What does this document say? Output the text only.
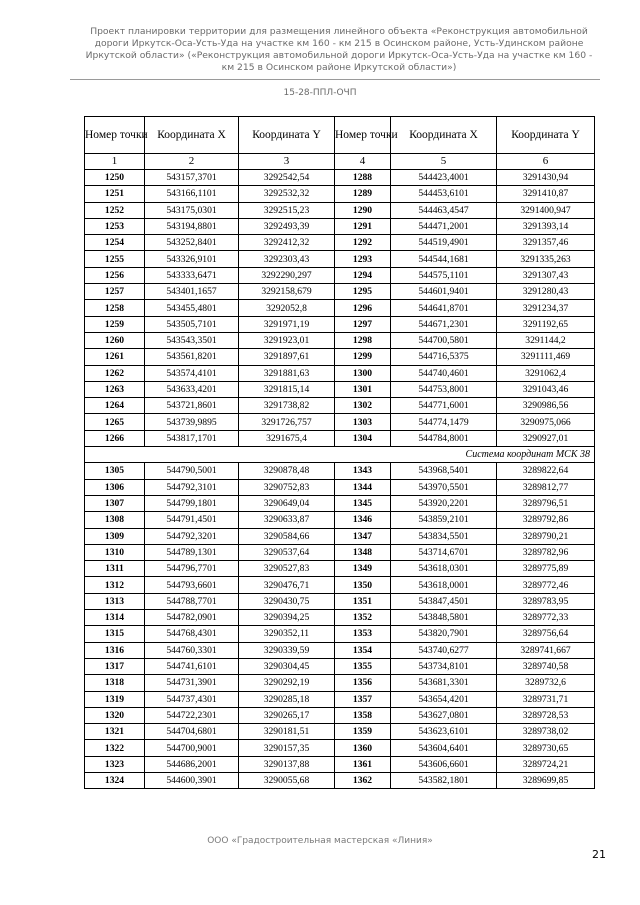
Проект планировки территории для размещения линейного объекта «Реконструкция автомобильной дороги Иркутск-Оса-Усть-Уда на участке км 160 - км 215 в Осинском районе, Усть-Удинском районе Иркутской области» («Реконструкция автомобильной дороги Иркутск-Оса-Усть-Уда на участке км 160 - км 215 в Осинском районе Иркутской области»)
15-28-ППЛ-ОЧП
Номер точки	Координата X	Координата Y	Номер точки	Координата X	Координата Y
1	2	3	4	5	6
1250	543157,3701	3292542,54	1288	544423,4001	3291430,94
1251	543166,1101	3292532,32	1289	544453,6101	3291410,87
1252	543175,0301	3292515,23	1290	544463,4547	3291400,947
1253	543194,8801	3292493,39	1291	544471,2001	3291393,14
1254	543252,8401	3292412,32	1292	544519,4901	3291357,46
1255	543326,9101	3292303,43	1293	544544,1681	3291335,263
1256	543333,6471	3292290,297	1294	544575,1101	3291307,43
1257	543401,1657	3292158,679	1295	544601,9401	3291280,43
1258	543455,4801	3292052,8	1296	544641,8701	3291234,37
1259	543505,7101	3291971,19	1297	544671,2301	3291192,65
1260	543543,3501	3291923,01	1298	544700,5801	3291144,2
1261	543561,8201	3291897,61	1299	544716,5375	3291111,469
1262	543574,4101	3291881,63	1300	544740,4601	3291062,4
1263	543633,4201	3291815,14	1301	544753,8001	3291043,46
1264	543721,8601	3291738,82	1302	544771,6001	3290986,56
1265	543739,9895	3291726,757	1303	544774,1479	3290975,066
1266	543817,1701	3291675,4	1304	544784,8001	3290927,01
Система координат МСК 38					
1305	544790,5001	3290878,48	1343	543968,5401	3289822,64
1306	544792,3101	3290752,83	1344	543970,5501	3289812,77
1307	544799,1801	3290649,04	1345	543920,2201	3289796,51
1308	544791,4501	3290633,87	1346	543859,2101	3289792,86
1309	544792,3201	3290584,66	1347	543834,5501	3289790,21
1310	544789,1301	3290537,64	1348	543714,6701	3289782,96
1311	544796,7701	3290527,83	1349	543618,0301	3289775,89
1312	544793,6601	3290476,71	1350	543618,0001	3289772,46
1313	544788,7701	3290430,75	1351	543847,4501	3289783,95
1314	544782,0901	3290394,25	1352	543848,5801	3289772,33
1315	544768,4301	3290352,11	1353	543820,7901	3289756,64
1316	544760,3301	3290339,59	1354	543740,6277	3289741,667
1317	544741,6101	3290304,45	1355	543734,8101	3289740,58
1318	544731,3901	3290292,19	1356	543681,3301	3289732,6
1319	544737,4301	3290285,18	1357	543654,4201	3289731,71
1320	544722,2301	3290265,17	1358	543627,0801	3289728,53
1321	544704,6801	3290181,51	1359	543623,6101	3289738,02
1322	544700,9001	3290157,35	1360	543604,6401	3289730,65
1323	544686,2001	3290137,88	1361	543606,6601	3289724,21
1324	544600,3901	3290055,68	1362	543582,1801	3289699,85
ООО «Градостроительная мастерская «Линия»
21
